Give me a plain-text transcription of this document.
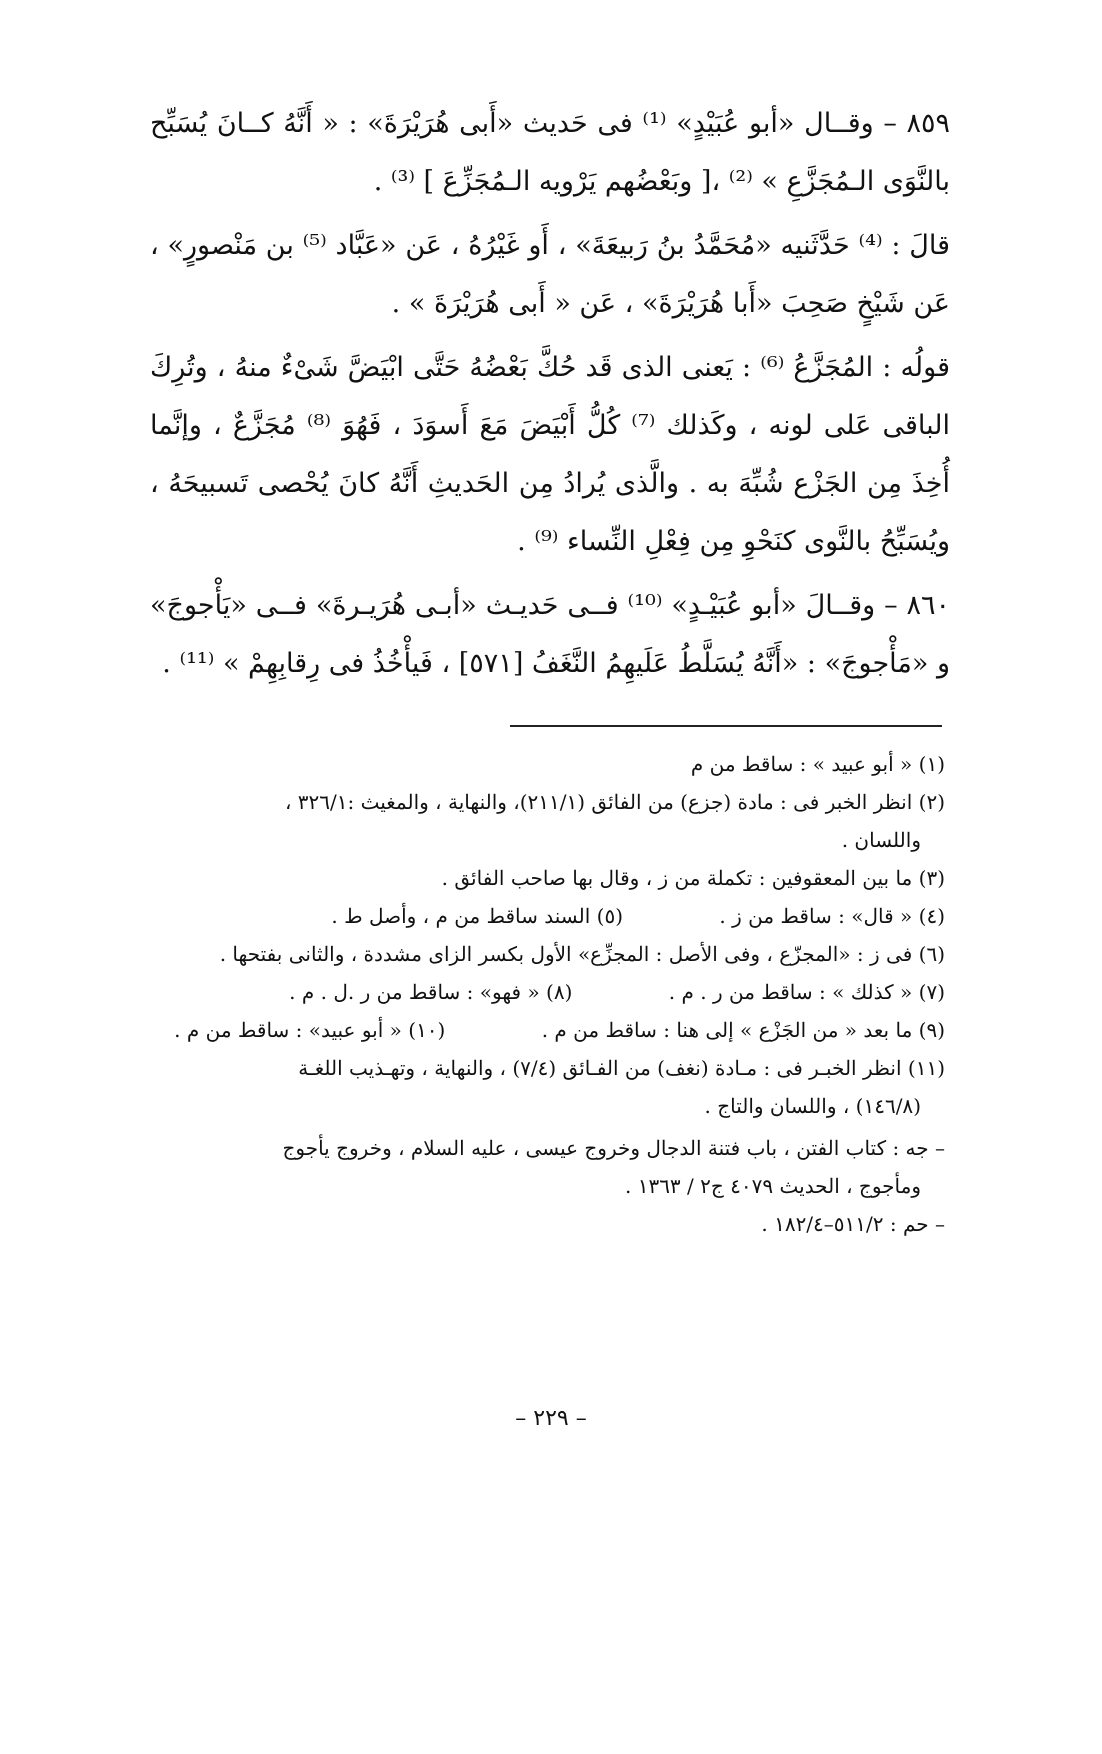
٨٥٩ – وقــال «أبو عُبَيْدٍ» ⁽¹⁾ فى حَديث «أَبى هُرَيْرَةَ» : « أَنَّهُ كــانَ يُسَبِّح بالنَّوَى الـمُجَزَّعِ » ⁽²⁾ ،[ وبَعْضُهم يَرْويه الـمُجَزِّعَ ] ⁽³⁾ .

قالَ : ⁽⁴⁾ حَدَّثَنيه «مُحَمَّدُ بنُ رَبيعَةَ» ، أَو غَيْرُهُ ، عَن «عَبَّاد ⁽⁵⁾ بن مَنْصورٍ» ، عَن شَيْخٍ صَحِبَ «أَبا هُرَيْرَةَ» ، عَن « أَبى هُرَيْرَةَ » .

قولُه : المُجَزَّعُ ⁽⁶⁾ : يَعنى الذى قَد حُكَّ بَعْضُهُ حَتَّى ابْيَضَّ شَىْءٌ منهُ ، وتُرِكَ الباقى عَلى لونه ، وكَذلك ⁽⁷⁾ كُلُّ أَبْيَضَ مَعَ أَسوَدَ ، فَهُوَ ⁽⁸⁾ مُجَزَّعٌ ، وإنَّما أُخِذَ مِن الجَزْع شُبِّهَ به . والَّذى يُرادُ مِن الحَديثِ أَنَّهُ كانَ يُحْصى تَسبيحَهُ ، ويُسَبِّحُ بالنَّوى كنَحْوِ مِن فِعْلِ النِّساء ⁽⁹⁾ .

٨٦٠ – وقــالَ «أبو عُبَيْـدٍ» ⁽¹⁰⁾ فــى حَديـث «أبـى هُرَيـرةَ» فــى «يَأْجوجَ» و «مَأْجوجَ» : «أَنَّهُ يُسَلَّطُ عَلَيهِمُ النَّغَفُ [٥٧١] ، فَيأْخُذُ فى رِقابِهِمْ » ⁽¹¹⁾ .

(١) « أبو عبيد » : ساقط من م

(٢) انظر الخبر فى : مادة (جزع) من الفائق (٢١١/١)، والنهاية ، والمغيث :٣٢٦/١ ،

واللسان .

(٣) ما بين المعقوفين : تكملة من ز ، وقال بها صاحب الفائق .

(٤) « قال» : ساقط من ز . (٥) السند ساقط من م ، وأصل ط .

(٦) فى ز : «المجزّع ، وفى الأصل : المجزِّع» الأول بكسر الزاى مشددة ، والثانى بفتحها .

(٧) « كذلك » : ساقط من ر . م . (٨) « فهو» : ساقط من ر .ل . م .

(٩) ما بعد « من الجَزْع » إلى هنا : ساقط من م . (١٠) « أبو عبيد» : ساقط من م .

(١١) انظر الخبـر فى : مـادة (نغف) من الفـائق (٧/٤) ، والنهاية ، وتهـذيب اللغـة

(١٤٦/٨) ، واللسان والتاج .

– جه : كتاب الفتن ، باب فتنة الدجال وخروج عيسى ، عليه السلام ، وخروج يأجوج

ومأجوج ، الحديث ٤٠٧٩ ج٢ / ١٣٦٣ .

– حم : ٥١١/٢–١٨٢/٤ .

– ٢٢٩ –
